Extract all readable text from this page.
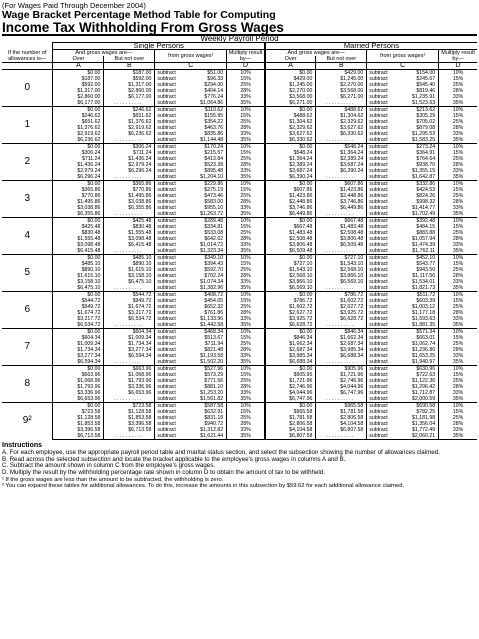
(For Wages Paid Through December 2004)
Wage Bracket Percentage Method Table for Computing
Income Tax Withholding From Gross Wages
Weekly Payroll Period								
	Single Persons				Married Persons			
If the number of allowances is—	And gross wages are—		from gross wages¹	Multiply result by—	And gross wages are—		from gross wages¹	Multiply result by—
	Over	But not over			Over	But not over		
	A	B	C	D	A	B	C	D
0	$0.00	$187.00	subtract $51.00	10%	$0.00	$429.00	subtract $154.00	10%
	$187.00	$592.00	subtract $96.33	15%	$429.00	$1,245.00	subtract $245.67	15%
	$592.00	$1,317.00	subtract $294.00	25%	$1,245.00	$2,270.00	subtract $545.40	25%
	$1,317.00	$2,860.00	subtract $404.14	28%	$2,270.00	$3,568.00	subtract $819.46	28%
	$2,860.00	$6,177.00	subtract $776.24	33%	$3,568.00	$6,271.00	subtract $1,235.91	33%
	$6,177.00	. . . . . . . . . .	subtract $1,064.86	35%	$6,271.00	. . . . . . . . . .	subtract $1,523.63	35%
1	$0.00	$246.62	subtract $110.62	10%	$0.00	$488.62	subtract $213.62	10%
	$246.62	$651.62	subtract $155.95	15%	$488.62	$1,304.62	subtract $305.29	15%
	$651.62	$1,376.62	subtract $354.22	25%	$1,304.62	$2,329.62	subtract $705.02	25%
	$1,376.62	$2,919.62	subtract $463.76	28%	$2,329.62	$3,627.62	subtract $879.08	28%
	$2,919.62	$6,236.62	subtract $835.86	33%	$3,627.62	$6,330.62	subtract $1,295.53	33%
	$6,236.62	. . . . . . . . . .	subtract $1,144.48	35%	$6,330.62	. . . . . . . . . .	subtract $1,583.25	35%
2	$0.00	$306.24	subtract $170.24	10%	$0.00	$548.24	subtract $273.24	10%
	$306.24	$711.24	subtract $215.57	15%	$548.24	$1,364.24	subtract $364.91	15%
	$711.24	$1,436.24	subtract $413.84	25%	$1,364.24	$2,389.24	subtract $764.64	25%
	$1,436.24	$2,979.24	subtract $523.38	28%	$2,389.24	$3,687.24	subtract $938.70	28%
	$2,979.24	$6,296.24	subtract $895.48	33%	$3,687.24	$6,390.24	subtract $1,355.15	33%
	$6,296.24	. . . . . . . . . .	subtract $1,204.10	35%	$6,390.24	. . . . . . . . . .	subtract $1,642.87	35%
3	$0.00	$365.86	subtract $229.86	10%	$0.00	$607.86	subtract $332.86	10%
	$365.86	$770.86	subtract $275.19	15%	$607.86	$1,423.86	subtract $424.53	15%
	$770.86	$1,495.86	subtract $473.46	25%	$1,423.86	$2,448.86	subtract $824.26	25%
	$1,495.86	$3,038.86	subtract $583.00	28%	$2,448.86	$3,746.86	subtract $998.32	28%
	$3,038.86	$6,355.86	subtract $955.10	33%	$3,746.86	$6,449.86	subtract $1,414.77	33%
	$6,355.86	. . . . . . . . . .	subtract $1,263.72	35%	$6,449.86	. . . . . . . . . .	subtract $1,702.49	35%
4	$0.00	$425.48	subtract $289.48	10%	$0.00	$667.48	subtract $392.48	10%
	$425.48	$830.48	subtract $334.81	15%	$667.48	$1,483.48	subtract $484.15	15%
	$830.48	$1,555.48	subtract $533.08	25%	$1,483.48	$2,508.48	subtract $883.88	25%
	$1,555.48	$3,098.48	subtract $642.62	28%	$2,508.48	$3,806.48	subtract $1,057.94	28%
	$3,098.48	$6,415.48	subtract $1,014.72	33%	$3,806.48	$6,509.48	subtract $1,474.39	33%
	$6,415.48	. . . . . . . . . .	subtract $1,323.34	35%	$6,509.48	. . . . . . . . . .	subtract $1,762.11	35%
5	$0.00	$485.10	subtract $349.10	10%	$0.00	$727.10	subtract $452.10	10%
	$485.10	$890.10	subtract $394.43	15%	$727.10	$1,543.10	subtract $543.77	15%
	$890.10	$1,615.10	subtract $592.70	25%	$1,543.10	$2,568.10	subtract $943.50	25%
	$1,615.10	$3,158.10	subtract $702.24	28%	$2,568.10	$3,866.10	subtract $1,117.56	28%
	$3,158.10	$6,475.10	subtract $1,074.34	33%	$3,866.10	$6,569.10	subtract $1,534.01	33%
	$6,475.10	. . . . . . . . . .	subtract $1,382.96	35%	$6,569.10	. . . . . . . . . .	subtract $1,821.73	35%
6	$0.00	$544.72	subtract $408.72	10%	$0.00	$786.72	subtract $511.72	10%
	$544.72	$949.72	subtract $454.05	15%	$786.72	$1,602.72	subtract $603.39	15%
	$949.72	$1,674.72	subtract $652.32	25%	$1,602.72	$2,627.72	subtract $1,003.12	25%
	$1,674.72	$3,217.72	subtract $761.86	28%	$2,627.72	$3,925.72	subtract $1,177.18	28%
	$3,217.72	$6,534.72	subtract $1,133.96	33%	$3,925.72	$6,628.72	subtract $1,593.63	33%
	$6,534.72	. . . . . . . . . .	subtract $1,442.58	35%	$6,628.72	. . . . . . . . . .	subtract $1,881.35	35%
7	$0.00	$604.34	subtract $468.34	10%	$0.00	$846.34	subtract $571.34	10%
	$604.34	$1,009.34	subtract $513.67	15%	$846.34	$1,662.34	subtract $663.01	15%
	$1,009.34	$1,734.34	subtract $711.94	25%	$1,662.34	$2,687.34	subtract $1,062.74	25%
	$1,734.34	$3,277.34	subtract $821.48	28%	$2,687.34	$3,985.34	subtract $1,236.80	28%
	$3,277.34	$6,594.34	subtract $1,193.58	33%	$3,985.34	$6,688.34	subtract $1,653.25	33%
	$6,594.34	. . . . . . . . . .	subtract $1,502.20	35%	$6,688.34	. . . . . . . . . .	subtract $1,940.97	35%
8	$0.00	$663.96	subtract $527.96	10%	$0.00	$905.96	subtract $630.96	10%
	$663.96	$1,068.96	subtract $573.29	15%	$905.96	$1,721.96	subtract $722.63	15%
	$1,068.96	$1,793.96	subtract $771.56	25%	$1,721.96	$2,746.96	subtract $1,122.36	25%
	$1,793.96	$3,336.96	subtract $881.10	28%	$2,746.96	$4,044.96	subtract $1,296.42	28%
	$3,336.96	$6,653.96	subtract $1,253.20	33%	$4,044.96	$6,747.96	subtract $1,712.87	33%
	$6,653.96	. . . . . . . . . .	subtract $1,561.82	35%	$6,747.96	. . . . . . . . . .	subtract $2,000.59	35%
9²	$0.00	$723.58	subtract $587.58	10%	$0.00	$965.58	subtract $690.58	10%
	$723.58	$1,128.58	subtract $632.91	15%	$965.58	$1,781.58	subtract $782.25	15%
	$1,128.58	$1,853.58	subtract $831.18	25%	$1,781.58	$2,806.58	subtract $1,181.98	25%
	$1,853.58	$3,396.58	subtract $940.72	28%	$2,806.58	$4,104.58	subtract $1,356.04	28%
	$3,396.58	$6,713.58	subtract $1,312.82	33%	$4,104.58	$6,807.58	subtract $1,772.49	33%
	$6,713.58	. . . . . . . . . .	subtract $1,621.44	35%	$6,807.58	. . . . . . . . . .	subtract $2,060.21	35%
Instructions

A. For each employee, use the appropriate payroll period table and marital status section, and select the subsection showing the number of allowances claimed.

B. Read across the selected subsection and locate the bracket applicable to the employee's gross wages in columns A and B.

C. Subtract the amount shown in column C from the employee's gross wages.

D. Multiply the result by the withholding percentage rate shown in column D to obtain the amount of tax to be withheld.

¹ If the gross wages are less than the amount to be subtracted, the withholding is zero.

² You can expand these tables for additional allowances. To do this, increase the amounts in this subsection by $59.62 for each additional allowance claimed.
